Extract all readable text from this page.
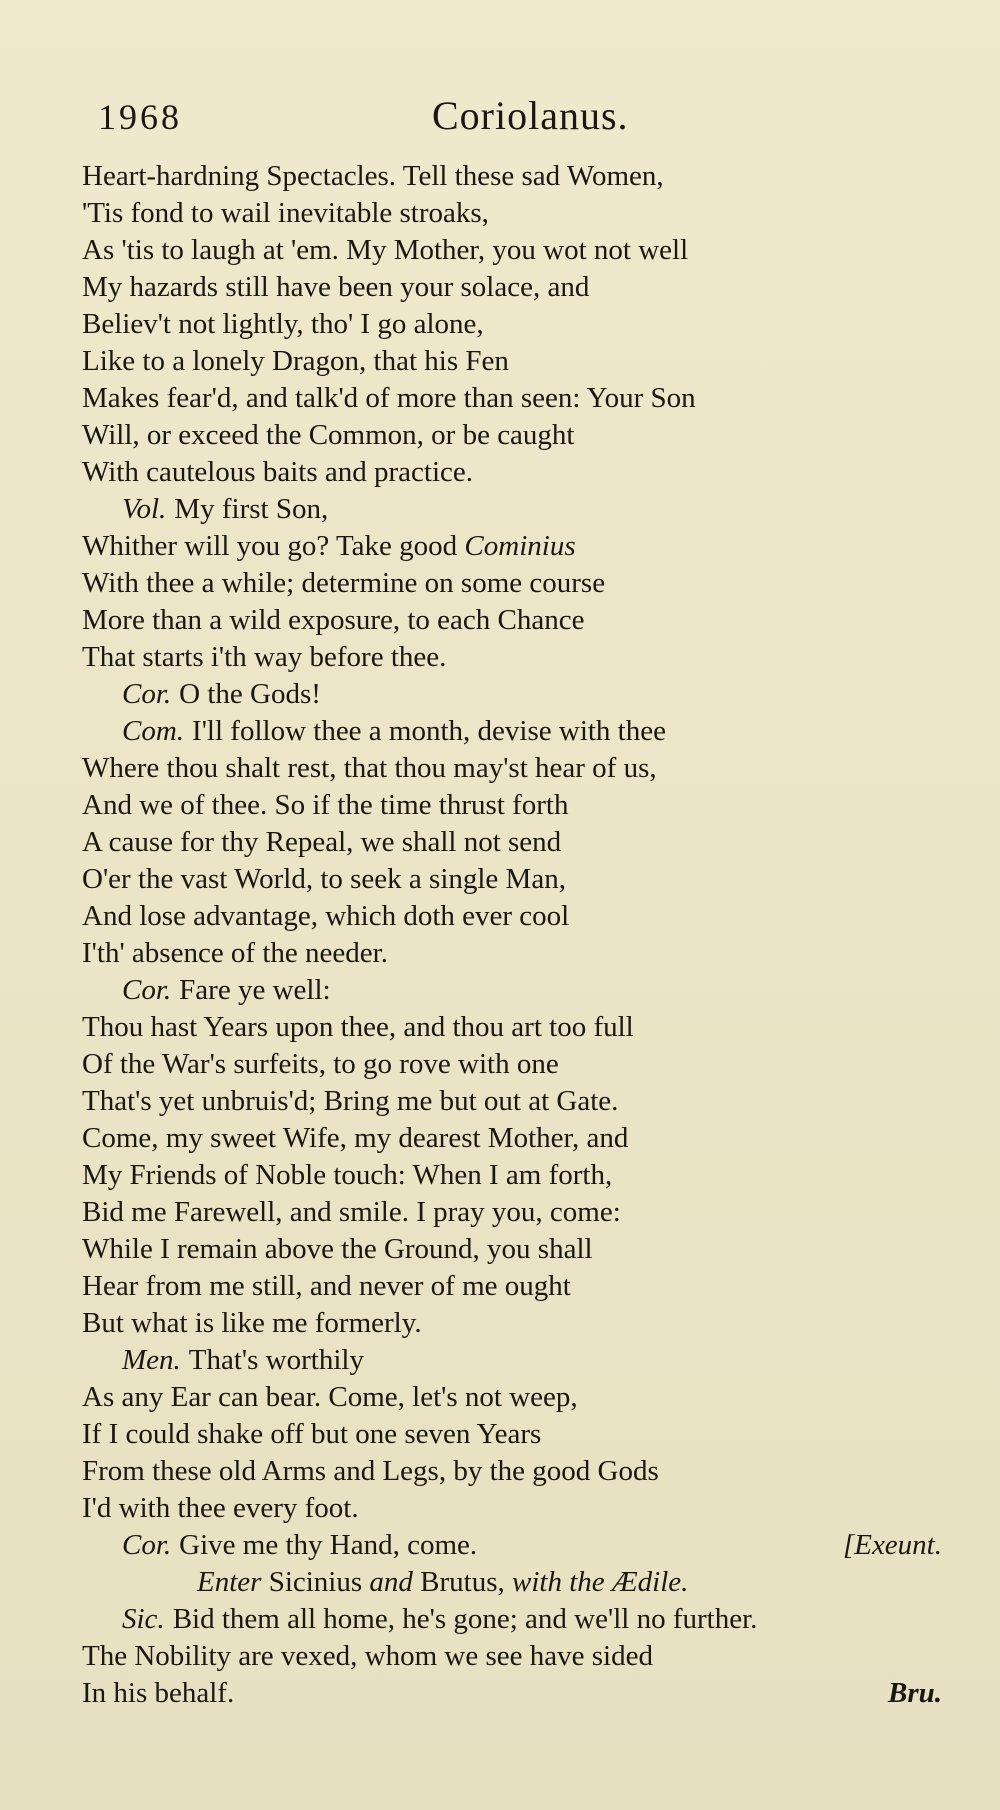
1968	Coriolanus.
Heart-hardning Spectacles. Tell these sad Women,
'Tis fond to wail inevitable stroaks,
As 'tis to laugh at 'em. My Mother, you wot not well
My hazards still have been your solace, and
Believ't not lightly, tho' I go alone,
Like to a lonely Dragon, that his Fen
Makes fear'd, and talk'd of more than seen: Your Son
Will, or exceed the Common, or be caught
With cautelous baits and practice.
Vol. My first Son,
Whither will you go? Take good Cominius
With thee a while; determine on some course
More than a wild exposure, to each Chance
That starts i'th way before thee.
Cor. O the Gods!
Com. I'll follow thee a month, devise with thee
Where thou shalt rest, that thou may'st hear of us,
And we of thee. So if the time thrust forth
A cause for thy Repeal, we shall not send
O'er the vast World, to seek a single Man,
And lose advantage, which doth ever cool
I'th' absence of the needer.
Cor. Fare ye well:
Thou hast Years upon thee, and thou art too full
Of the War's surfeits, to go rove with one
That's yet unbruis'd; Bring me but out at Gate.
Come, my sweet Wife, my dearest Mother, and
My Friends of Noble touch: When I am forth,
Bid me Farewell, and smile. I pray you, come:
While I remain above the Ground, you shall
Hear from me still, and never of me ought
But what is like me formerly.
Men. That's worthily
As any Ear can bear. Come, let's not weep,
If I could shake off but one seven Years
From these old Arms and Legs, by the good Gods
I'd with thee every foot.
Cor. Give me thy Hand, come.	[Exeunt.
Enter Sicinius and Brutus, with the Ædile.
Sic. Bid them all home, he's gone; and we'll no further.
The Nobility are vexed, whom we see have sided
In his behalf.	Bru.
